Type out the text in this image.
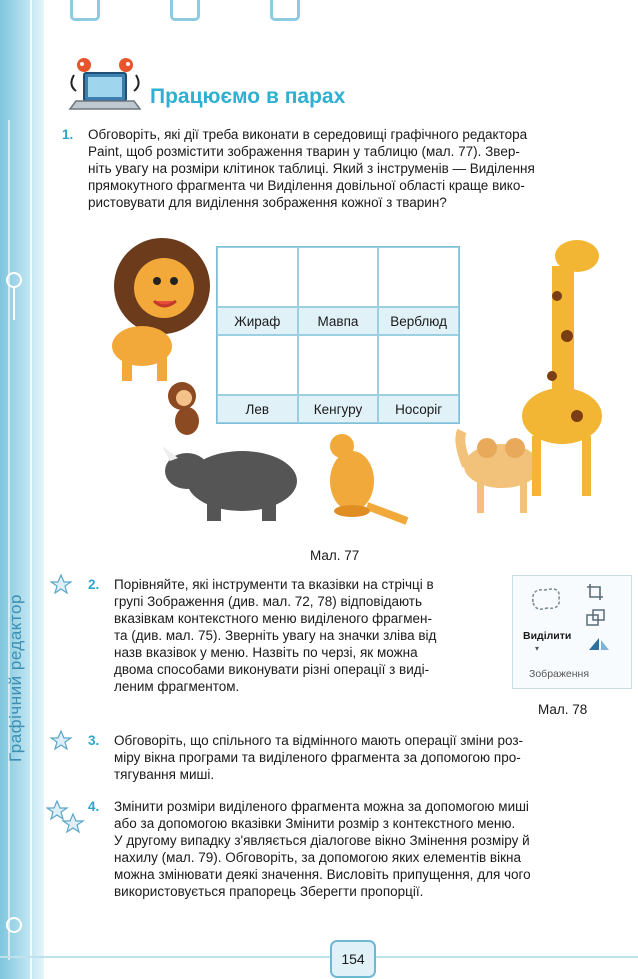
Працюємо в парах
1. Обговоріть, які дії треба виконати в середовищі графічного редактора
Paint, щоб розмістити зображення тварин у таблицю (мал. 77). Звер-
ніть увагу на розміри клітинок таблиці. Який з інструменів — Виділення
прямокутного фрагмента чи Виділення довільної області краще вико-
ристовувати для виділення зображення кожної з тварин?
Жираф	Мавпа	Верблюд
Лев	Кенгуру	Носоріг
Мал. 77
2. Порівняйте, які інструменти та вказівки на стрічці в
групі Зображення (див. мал. 72, 78) відповідають
вказівкам контекстного меню виділеного фрагмен-
та (див. мал. 75). Зверніть увагу на значки зліва від
назв вказівок у меню. Назвіть по черзі, як можна
двома способами виконувати різні операції з виді-
леним фрагментом.
Виділити
▾
Зображення
Мал. 78
3. Обговоріть, що спільного та відмінного мають операції зміни роз-
міру вікна програми та виділеного фрагмента за допомогою про-
тягування миші.
4. Змінити розміри виділеного фрагмента можна за допомогою миші
або за допомогою вказівки Змінити розмір з контекстного меню.
У другому випадку з'являється діалогове вікно Змінення розміру й
нахилу (мал. 79). Обговоріть, за допомогою яких елементів вікна
можна змінювати деякі значення. Висловіть припущення, для чого
використовується прапорець Зберегти пропорції.
154
